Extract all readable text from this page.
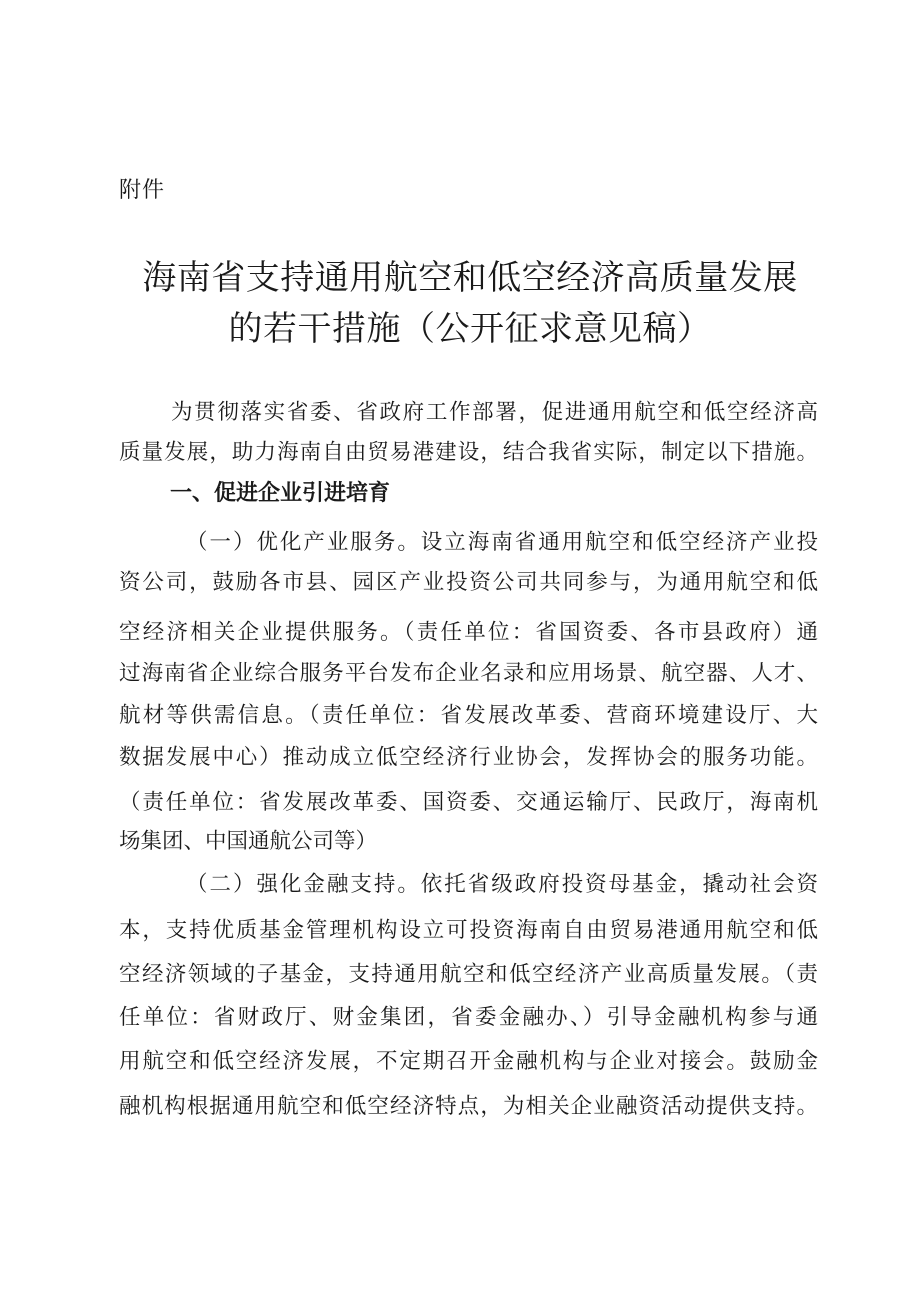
附件
海南省支持通用航空和低空经济高质量发展
的若干措施（公开征求意见稿）

为贯彻落实省委、省政府工作部署，促进通用航空和低空经济高

质量发展，助力海南自由贸易港建设，结合我省实际，制定以下措施。

一、促进企业引进培育

（一）优化产业服务。设立海南省通用航空和低空经济产业投

资公司，鼓励各市县、园区产业投资公司共同参与，为通用航空和低

空经济相关企业提供服务。（责任单位：省国资委、各市县政府）通

过海南省企业综合服务平台发布企业名录和应用场景、航空器、人才、

航材等供需信息。（责任单位：省发展改革委、营商环境建设厅、大

数据发展中心）推动成立低空经济行业协会，发挥协会的服务功能。

（责任单位：省发展改革委、国资委、交通运输厅、民政厅，海南机

场集团、中国通航公司等）

（二）强化金融支持。依托省级政府投资母基金，撬动社会资

本，支持优质基金管理机构设立可投资海南自由贸易港通用航空和低

空经济领域的子基金，支持通用航空和低空经济产业高质量发展。（责

任单位：省财政厅、财金集团，省委金融办、）引导金融机构参与通

用航空和低空经济发展，不定期召开金融机构与企业对接会。鼓励金

融机构根据通用航空和低空经济特点，为相关企业融资活动提供支持。
